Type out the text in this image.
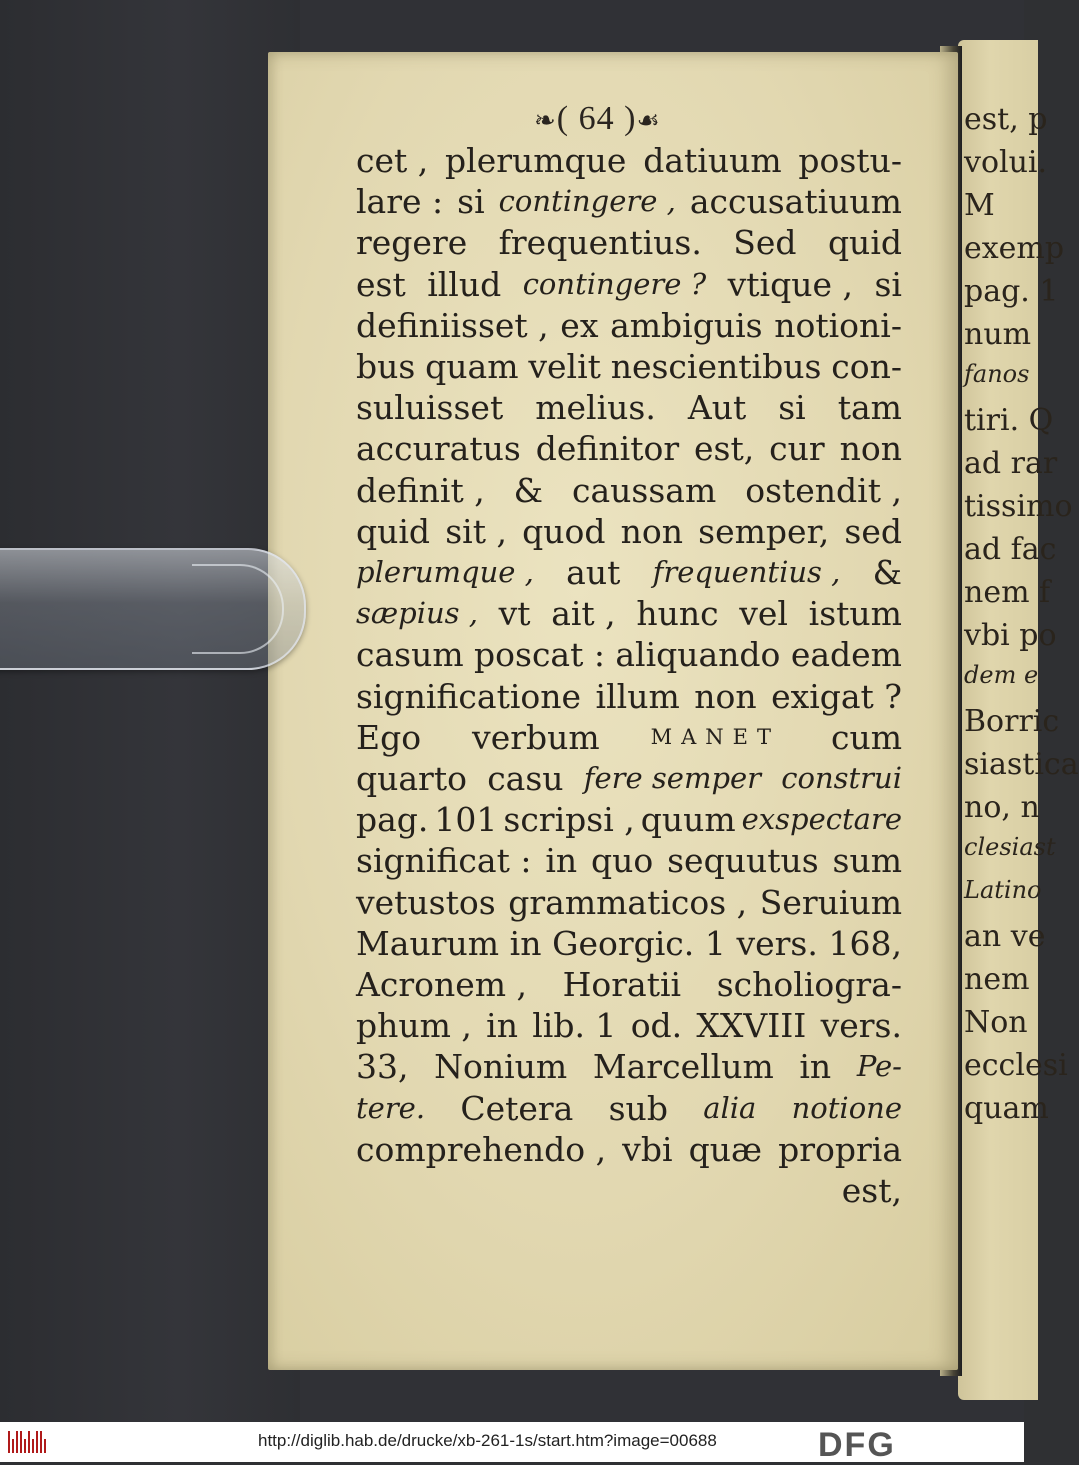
est, p
volui.
M
exemp
pag. 1
num
fanos
tiri. Q
ad rar
tissimo
ad fac
nem f
vbi po
dem e
Borric
siastica
no, n
clesiast
Latino
an ve
nem
Non
ecclesi
quam
❧( 64 )☙
cet , plerumque datiuum postu-
lare : si contingere , accusatiuum
regere frequentius. Sed quid
est illud contingere ? vtique , si
definiisset , ex ambiguis notioni-
bus quam velit nescientibus con-
suluisset melius. Aut si tam
accuratus definitor est, cur non
definit , & caussam ostendit ,
quid sit , quod non semper, sed
plerumque , aut frequentius , &
sæpius , vt ait , hunc vel istum
casum poscat : aliquando eadem
significatione illum non exigat ?
Ego verbum MANET cum
quarto casu fere semper construi
pag. 101 scripsi , quum exspectare
significat : in quo sequutus sum
vetustos grammaticos , Seruium
Maurum in Georgic. 1 vers. 168,
Acronem , Horatii scholiogra-
phum , in lib. 1 od. XXVIII vers.
33, Nonium Marcellum in Pe-
tere. Cetera sub alia notione
comprehendo , vbi quæ propria
est,
http://diglib.hab.de/drucke/xb-261-1s/start.htm?image=00688	DFG
